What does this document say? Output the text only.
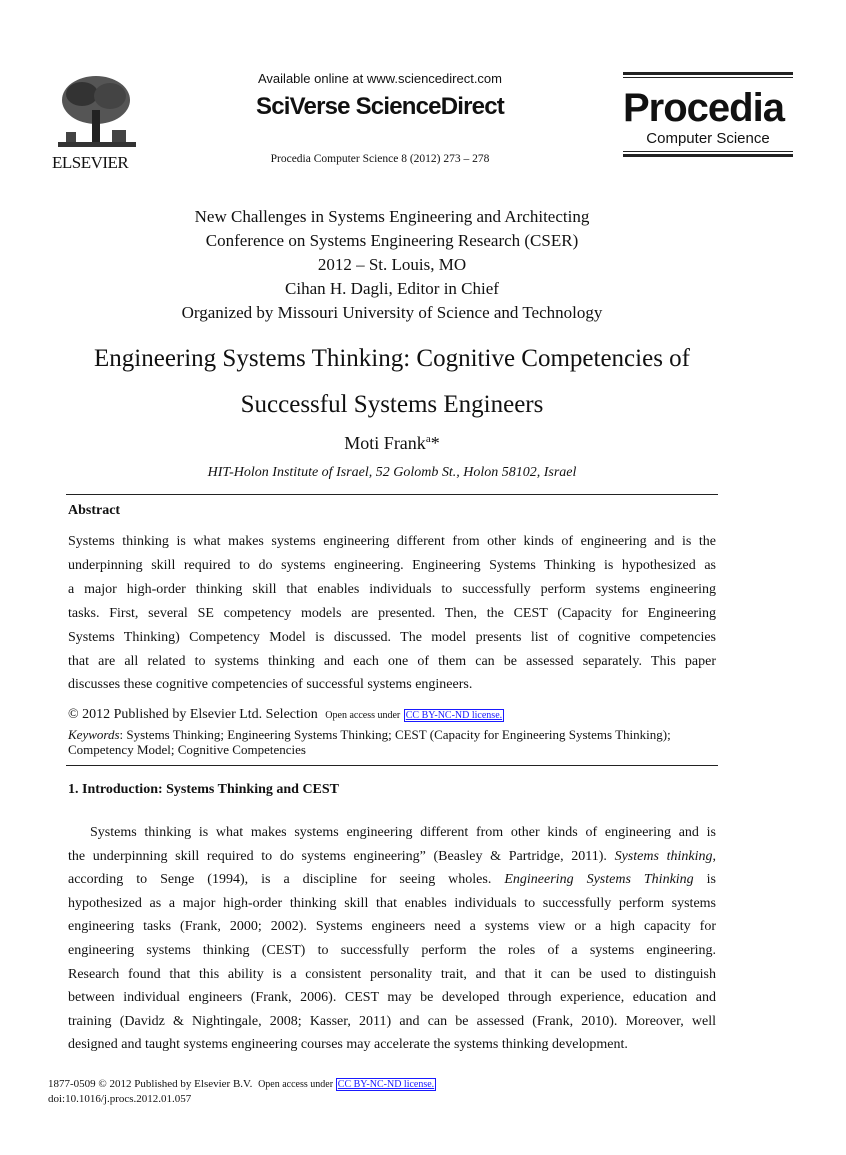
ELSEVIER
Available online at www.sciencedirect.com
SciVerse ScienceDirect
Procedia Computer Science 8 (2012) 273 – 278
Procedia
Computer Science
New Challenges in Systems Engineering and Architecting
Conference on Systems Engineering Research (CSER)
2012 – St. Louis, MO
Cihan H. Dagli, Editor in Chief
Organized by Missouri University of Science and Technology
Engineering Systems Thinking: Cognitive Competencies of
Successful Systems Engineers
Moti Frank$^a$*
HIT-Holon Institute of Israel, 52 Golomb St., Holon 58102, Israel
Abstract
Systems thinking is what makes systems engineering different from other kinds of engineering and is the
underpinning skill required to do systems engineering. Engineering Systems Thinking is hypothesized as
a major high-order thinking skill that enables individuals to successfully perform systems engineering
tasks. First, several SE competency models are presented. Then, the CEST (Capacity for Engineering
Systems Thinking) Competency Model is discussed. The model presents list of cognitive competencies
that are all related to systems thinking and each one of them can be assessed separately. This paper
discusses these cognitive competencies of successful systems engineers.
© 2012 Published by Elsevier Ltd. Selection Open access under CC BY-NC-ND license.
Keywords: Systems Thinking; Engineering Systems Thinking; CEST (Capacity for Engineering Systems Thinking);
Competency Model; Cognitive Competencies
1. Introduction: Systems Thinking and CEST
Systems thinking is what makes systems engineering different from other kinds of engineering and is
the underpinning skill required to do systems engineering” (Beasley & Partridge, 2011). Systems thinking,
according to Senge (1994), is a discipline for seeing wholes. Engineering Systems Thinking is
hypothesized as a major high-order thinking skill that enables individuals to successfully perform systems
engineering tasks (Frank, 2000; 2002). Systems engineers need a systems view or a high capacity for
engineering systems thinking (CEST) to successfully perform the roles of a systems engineering.
Research found that this ability is a consistent personality trait, and that it can be used to distinguish
between individual engineers (Frank, 2006). CEST may be developed through experience, education and
training (Davidz & Nightingale, 2008; Kasser, 2011) and can be assessed (Frank, 2010). Moreover, well
designed and taught systems engineering courses may accelerate the systems thinking development.
1877-0509 © 2012 Published by Elsevier B.V. Open access under CC BY-NC-ND license.
doi:10.1016/j.procs.2012.01.057
